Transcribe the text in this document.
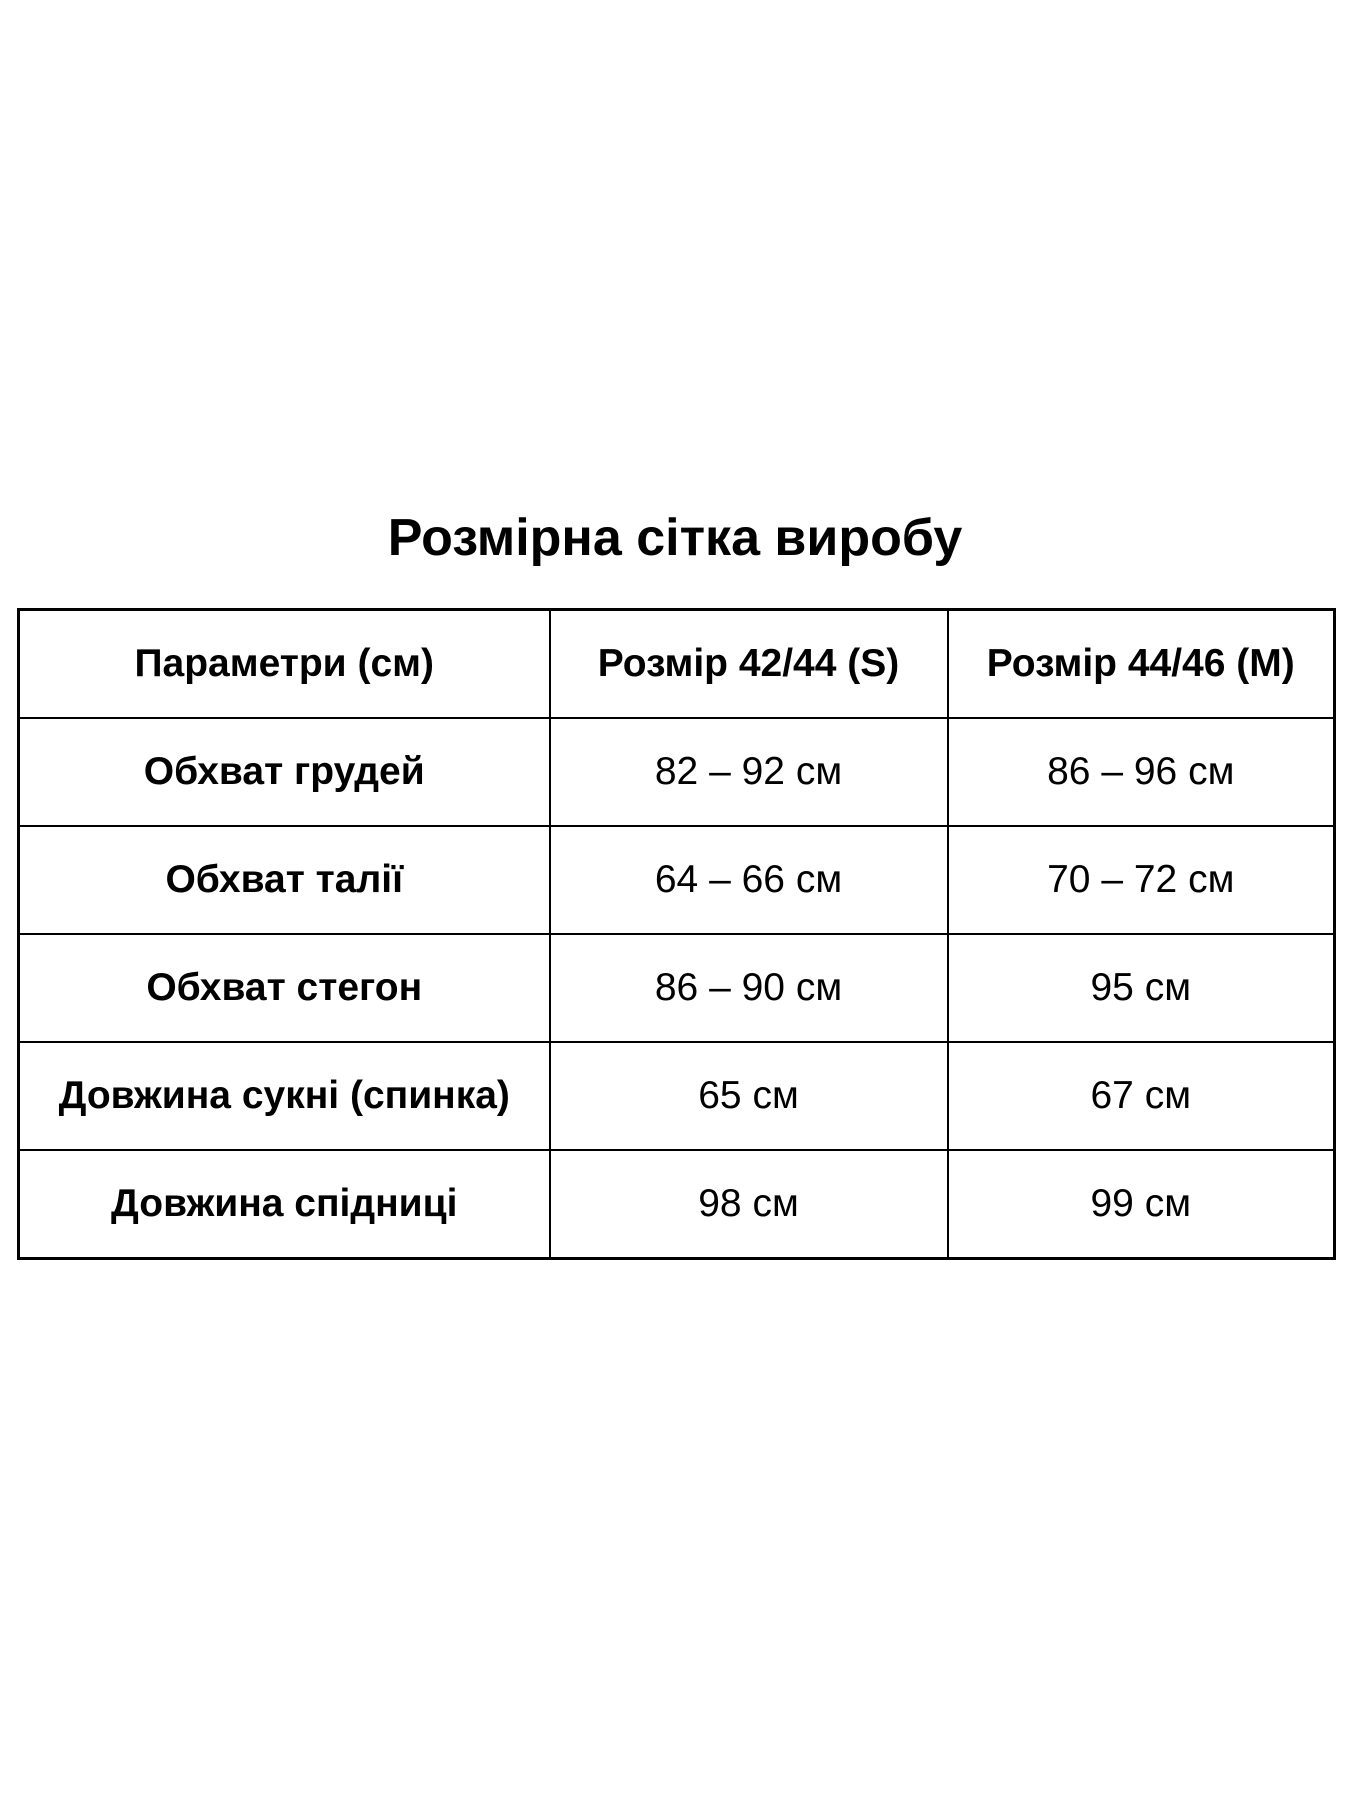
Розмірна сітка виробу
Параметри (см)	Розмір 42/44 (S)	Розмір 44/46 (M)
Обхват грудей	82 – 92 см	86 – 96 см
Обхват талії	64 – 66 см	70 – 72 см
Обхват стегон	86 – 90 см	95 см
Довжина сукні (спинка)	65 см	67 см
Довжина спідниці	98 см	99 см
